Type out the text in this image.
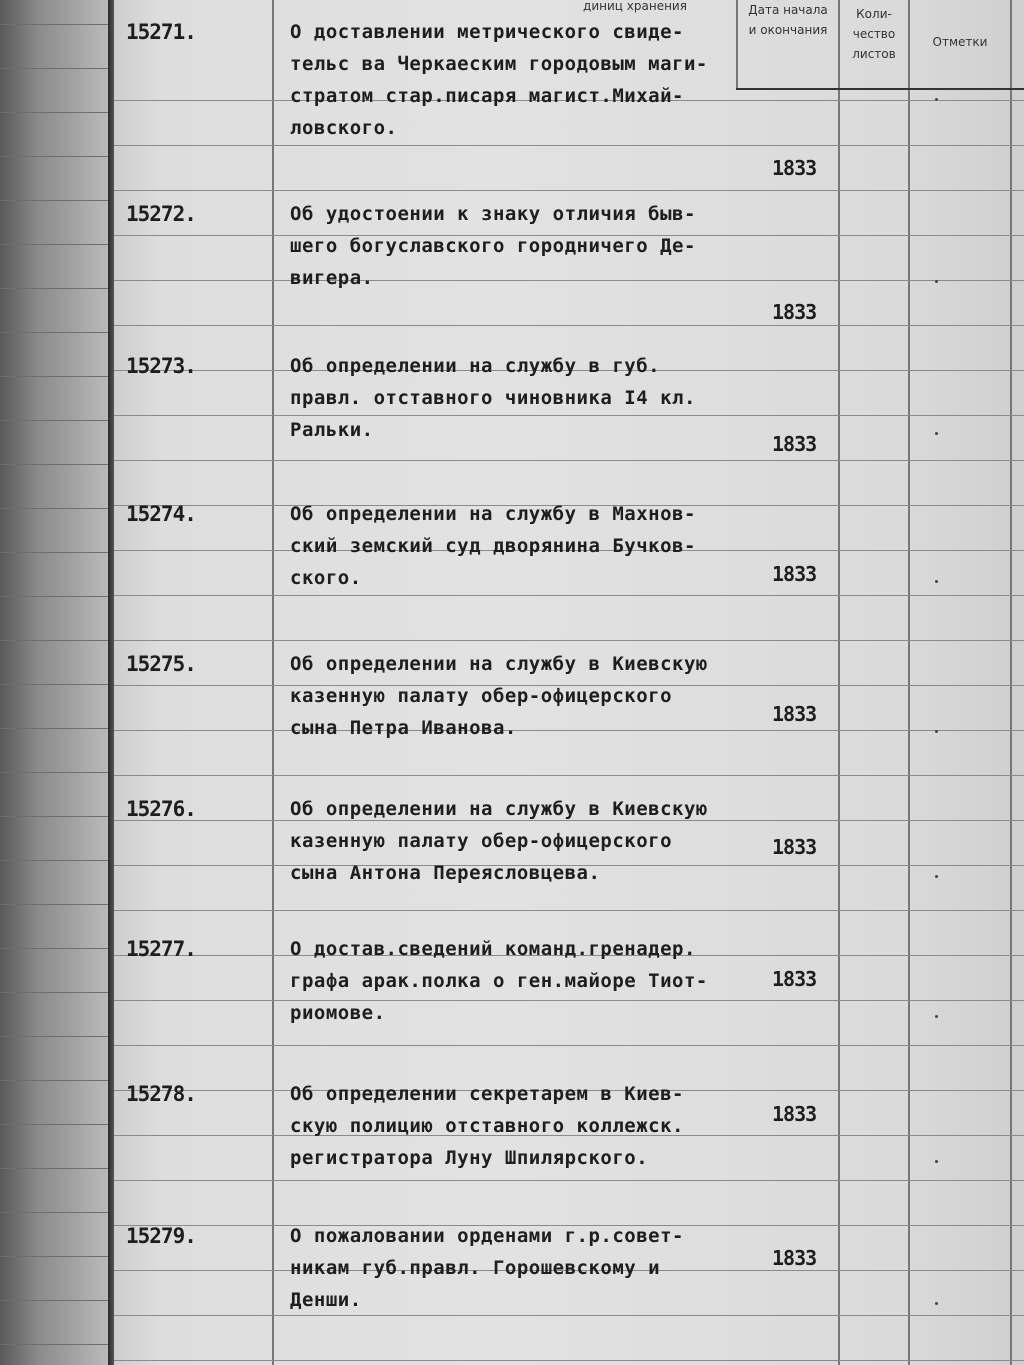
диниц хранения	Дата начала
и окончания
Коли-
чество
листов
Отметки
15271.	О доставлении метрического свиде-
тельс ва Черкаеским городовым маги-
стратом стар.писаря магист.Михай-
ловского.
1833
15272.	Об удостоении к знаку отличия быв-
шего богуславского городничего Де-
вигера.
1833
15273.	Об определении на службу в губ.
правл. отставного чиновника I4 кл.
Ральки.
1833
15274.	Об определении на службу в Махнов-
ский земский суд дворянина Бучков-
ского.	1833
15275.	Об определении на службу в Киевскую
казенную палату обер-офицерского
сына Петра Иванова.
1833
15276.	Об определении на службу в Киевскую
казенную палату обер-офицерского
сына Антона Переясловцева.
1833
15277.	О достав.сведений команд.гренадер.
графа арак.полка о ген.майоре Тиот-
риомове.
1833
15278.	Об определении секретарем в Киев-
скую полицию отставного коллежск.
регистратора Луну Шпилярского.
1833
15279.	О пожаловании орденами г.р.совет-
никам губ.правл. Горошевскому и
Денши.
1833
